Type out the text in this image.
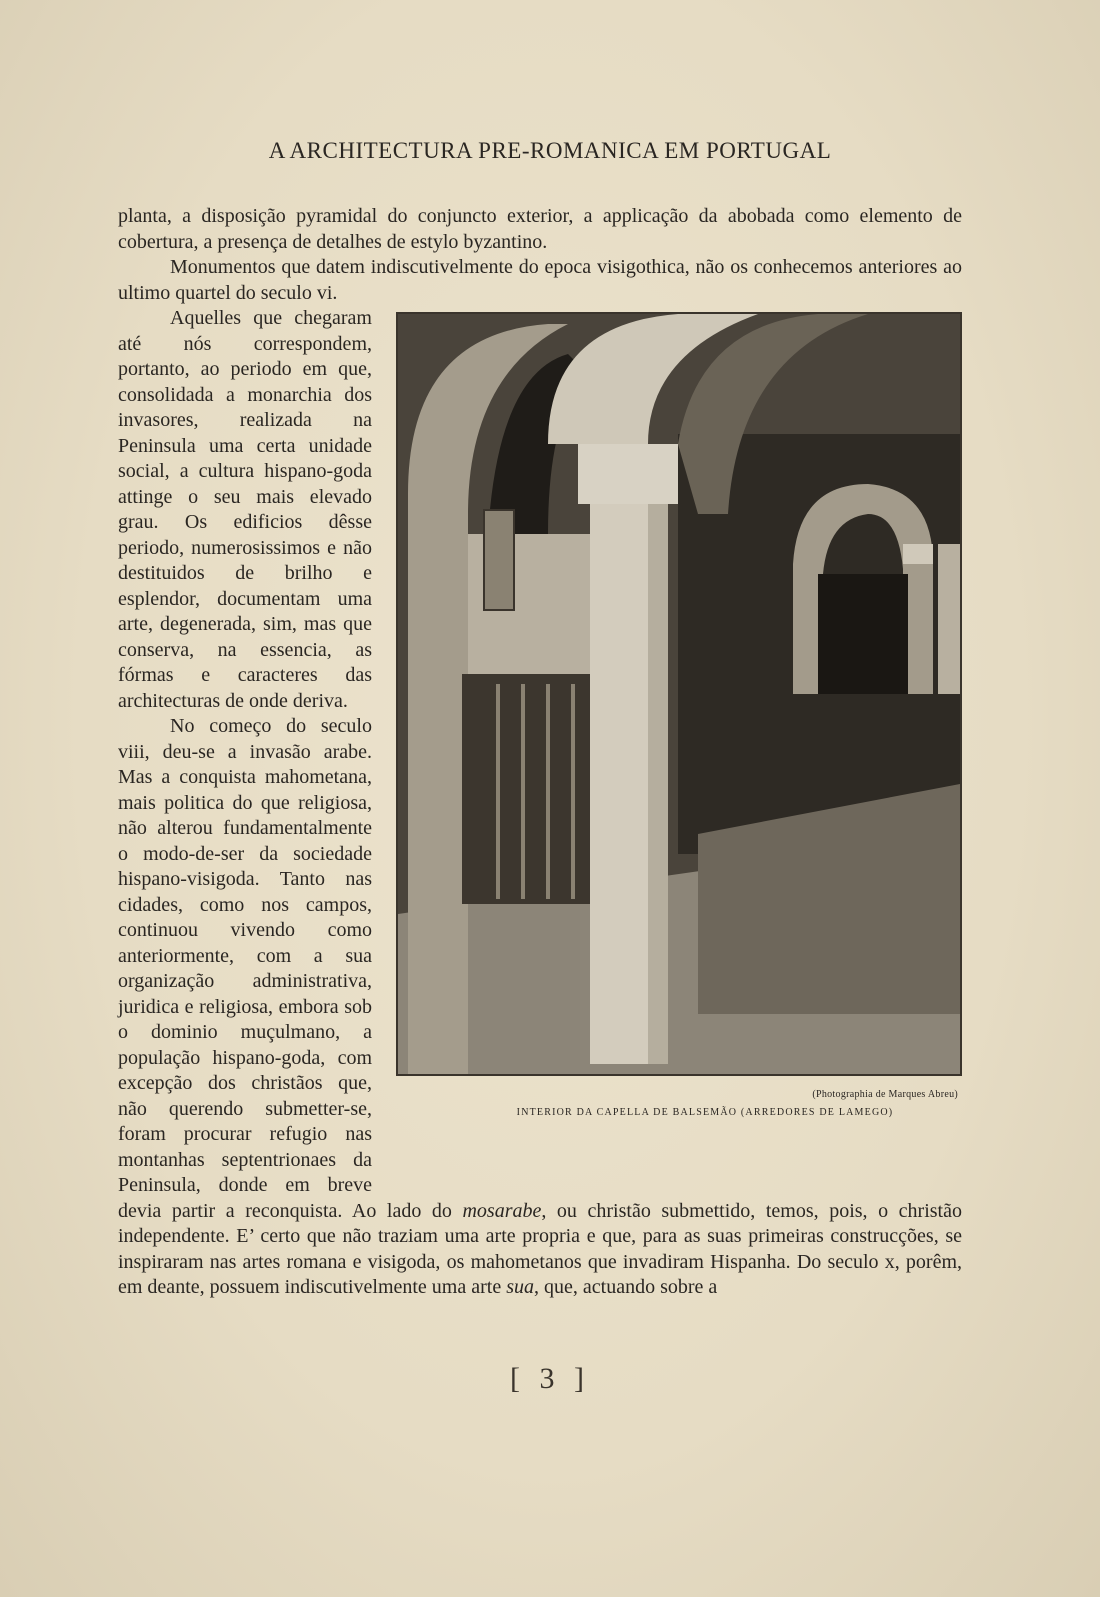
A ARCHITECTURA PRE-ROMANICA EM PORTUGAL

planta, a disposição pyramidal do conjuncto exterior, a applicação da abobada como elemento de cobertura, a presença de detalhes de estylo byzantino.

Monumentos que datem indiscutivelmente do epoca visigothica, não os conhecemos anteriores ao ultimo quartel do seculo vi.

(Photographia de Marques Abreu)
INTERIOR DA CAPELLA DE BALSEMÃO (ARREDORES DE LAMEGO)
Aquelles que chegaram até nós correspondem, portanto, ao periodo em que, consolidada a monarchia dos invasores, realizada na Peninsula uma certa unidade social, a cultura hispano-goda attinge o seu mais elevado grau. Os edificios dêsse periodo, numerosissimos e não destituidos de brilho e esplendor, documentam uma arte, degenerada, sim, mas que conserva, na essencia, as fórmas e caracteres das architecturas de onde deriva.

No começo do seculo viii, deu-se a invasão arabe. Mas a conquista mahometana, mais politica do que religiosa, não alterou fundamentalmente o modo-de-ser da sociedade hispano-visigoda. Tanto nas cidades, como nos campos, continuou vivendo como anteriormente, com a sua organização administrativa, juridica e religiosa, embora sob o dominio muçulmano, a população hispano-goda, com excepção dos christãos que, não querendo submetter-se, foram procurar refugio nas montanhas septentrionaes da Peninsula, donde em breve devia partir a reconquista. Ao lado do mosarabe, ou christão submettido, temos, pois, o christão independente. E’ certo que não traziam uma arte propria e que, para as suas primeiras construcções, se inspiraram nas artes romana e visigoda, os mahometanos que invadiram Hispanha. Do seculo x, porêm, em deante, possuem indiscutivelmente uma arte sua, que, actuando sobre a

[ 3 ]
